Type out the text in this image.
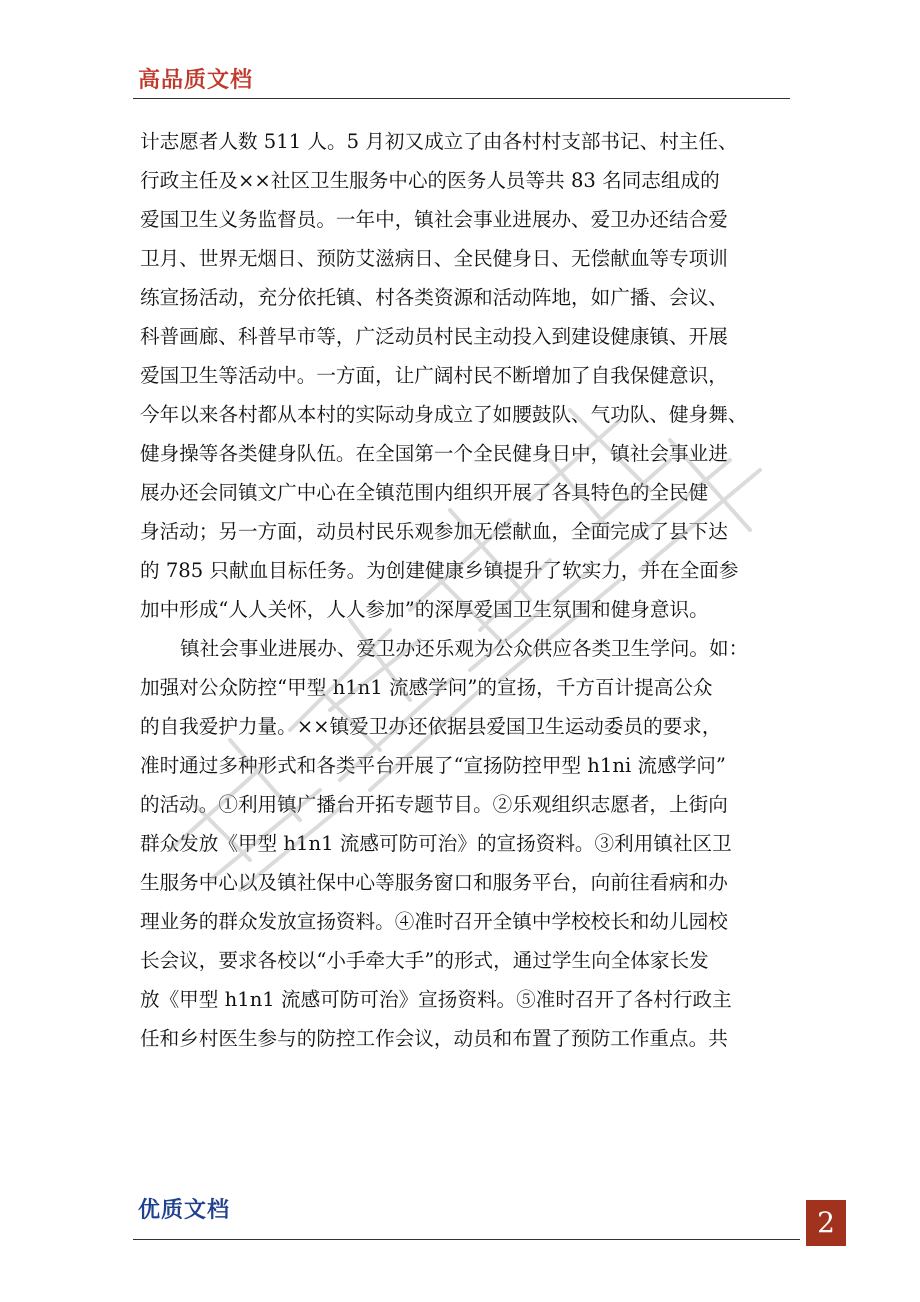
高品质文档
计志愿者人数 511 人。5 月初又成立了由各村村支部书记、村主任、
行政主任及××社区卫生服务中心的医务人员等共 83 名同志组成的
爱国卫生义务监督员。一年中，镇社会事业进展办、爱卫办还结合爱
卫月、世界无烟日、预防艾滋病日、全民健身日、无偿献血等专项训
练宣扬活动，充分依托镇、村各类资源和活动阵地，如广播、会议、
科普画廊、科普早市等，广泛动员村民主动投入到建设健康镇、开展
爱国卫生等活动中。一方面，让广阔村民不断增加了自我保健意识，
今年以来各村都从本村的实际动身成立了如腰鼓队、气功队、健身舞、
健身操等各类健身队伍。在全国第一个全民健身日中，镇社会事业进
展办还会同镇文广中心在全镇范围内组织开展了各具特色的全民健
身活动；另一方面，动员村民乐观参加无偿献血，全面完成了县下达
的 785 只献血目标任务。为创建健康乡镇提升了软实力，并在全面参
加中形成“人人关怀，人人参加”的深厚爱国卫生氛围和健身意识。
镇社会事业进展办、爱卫办还乐观为公众供应各类卫生学问。如：
加强对公众防控“甲型 h1n1 流感学问”的宣扬，千方百计提高公众
的自我爱护力量。××镇爱卫办还依据县爱国卫生运动委员的要求，
准时通过多种形式和各类平台开展了“宣扬防控甲型 h1ni 流感学问”
的活动。①利用镇广播台开拓专题节目。②乐观组织志愿者，上街向
群众发放《甲型 h1n1 流感可防可治》的宣扬资料。③利用镇社区卫
生服务中心以及镇社保中心等服务窗口和服务平台，向前往看病和办
理业务的群众发放宣扬资料。④准时召开全镇中学校校长和幼儿园校
长会议，要求各校以“小手牵大手”的形式，通过学生向全体家长发
放《甲型 h1n1 流感可防可治》宣扬资料。⑤准时召开了各村行政主
任和乡村医生参与的防控工作会议，动员和布置了预防工作重点。共
优质文档	2
